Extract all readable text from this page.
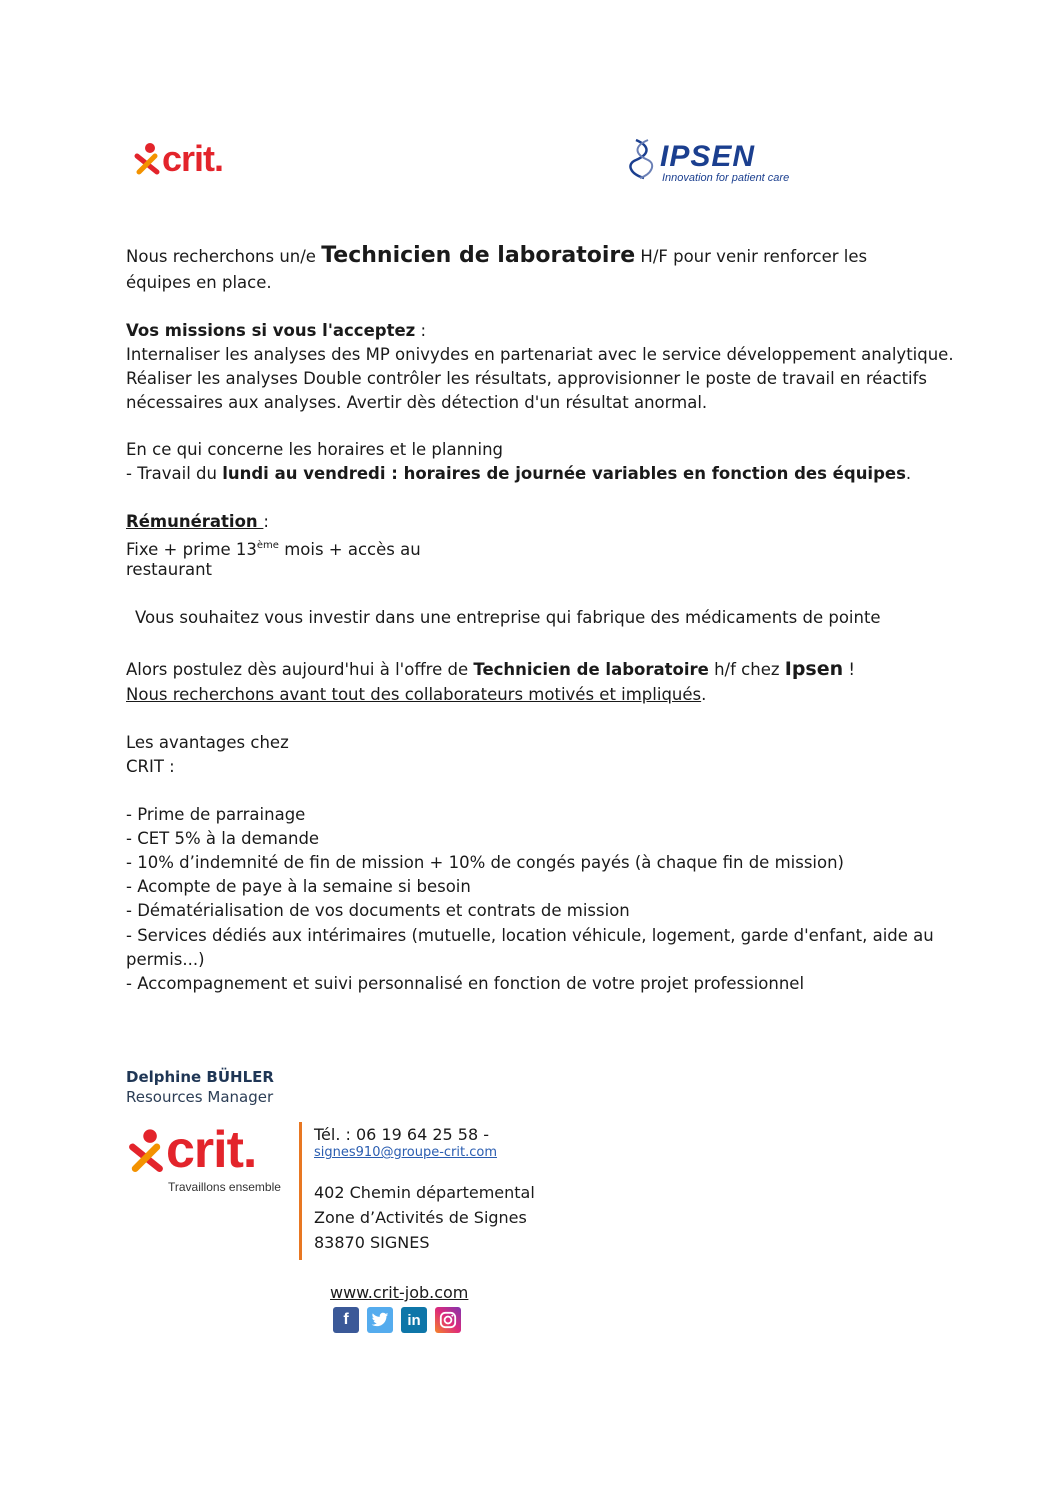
crit.	IPSEN
Innovation for patient care
Nous recherchons un/e Technicien de laboratoire H/F pour venir renforcer les
équipes en place.
Vos missions si vous l'acceptez :
Internaliser les analyses des MP onivydes en partenariat avec le service développement analytique.
Réaliser les analyses Double contrôler les résultats, approvisionner le poste de travail en réactifs
nécessaires aux analyses. Avertir dès détection d'un résultat anormal.
En ce qui concerne les horaires et le planning
- Travail du lundi au vendredi : horaires de journée variables en fonction des équipes.
Rémunération :
Fixe + prime 13ème mois + accès au
restaurant
Vous souhaitez vous investir dans une entreprise qui fabrique des médicaments de pointe
Alors postulez dès aujourd'hui à l'offre de Technicien de laboratoire h/f chez Ipsen !
Nous recherchons avant tout des collaborateurs motivés et impliqués.
Les avantages chez
CRIT :
- Prime de parrainage
- CET 5% à la demande
- 10% d’indemnité de fin de mission + 10% de congés payés (à chaque fin de mission)
- Acompte de paye à la semaine si besoin
- Dématérialisation de vos documents et contrats de mission
- Services dédiés aux intérimaires (mutuelle, location véhicule, logement, garde d'enfant, aide au
permis...)
- Accompagnement et suivi personnalisé en fonction de votre projet professionnel
Delphine BÜHLER
Resources Manager
crit.
Travaillons ensemble
Tél. : 06 19 64 25 58 -
signes910@groupe-crit.com
402 Chemin départemental
Zone d’Activités de Signes
83870 SIGNES
www.crit-job.com
f	in
